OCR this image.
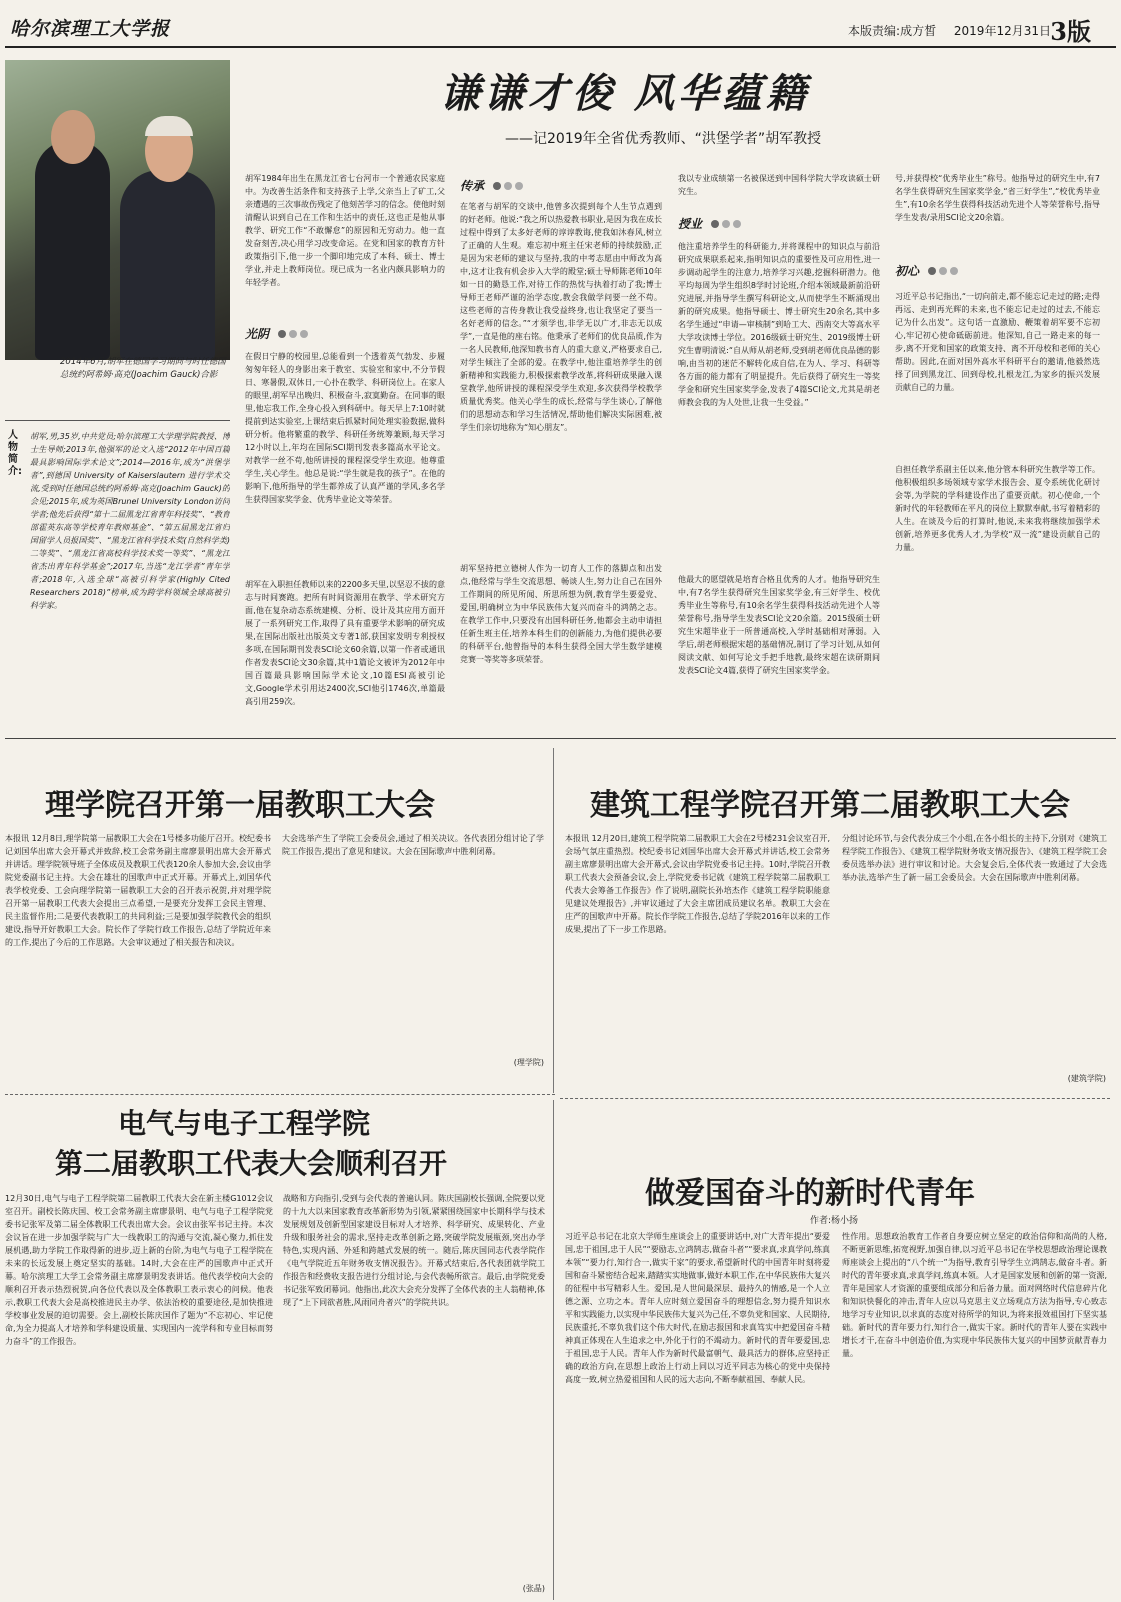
哈尔滨理工大学报	本版责编:成方皙 2019年12月31日 3版
2014年6月,胡军在德国学习期间与时任德国总统约阿希姆·高克(Joachim Gauck)合影
人物简介:
胡军,男,35岁,中共党员;哈尔滨理工大学理学院教授、博士生导师;2013年,他强军的论文入选“2012年中国百篇最具影响国际学术论文”;2014—2016年,成为“洪堡学者”,到德国 University of Kaiserslautern 进行学术交流,受到时任德国总统约阿希姆·高克(Joachim Gauck)的会见;2015年,成为英国Brunel University London访问学者;他先后获得“第十二届黑龙江省青年科技奖”、“教育部霍英东高等学校青年教师基金”、“第五届黑龙江省归国留学人员报国奖”、“黑龙江省科学技术奖(自然科学类)二等奖”、“黑龙江省高校科学技术奖一等奖”、“黑龙江省杰出青年科学基金”;2017年,当选“龙江学者”青年学者;2018年,入选全球“高被引科学家(Highly Cited Researchers 2018)”榜单,成为跨学科领域全球高被引科学家。
谦谦才俊 风华蕴籍
——记2019年全省优秀教师、“洪堡学者”胡军教授
胡军1984年出生在黑龙江省七台河市一个普通农民家庭中。为改善生活条件和支持孩子上学,父亲当上了矿工,父亲遭遇的三次事故伤残定了他刻苦学习的信念。使他时刻清醒认识到自己在工作和生活中的责任,这也正是他从事教学、研究工作“不敢懈怠”的原因和无穷动力。他一直发奋刻苦,决心用学习改变命运。在党和国家的教育方针政策指引下,他一步一个脚印地完成了本科、硕士、博士学业,并走上教师岗位。现已成为一名业内颇具影响力的年轻学者。
光阴
在假日宁静的校园里,总能看到一个透着英气勃发、步履匆匆年轻人的身影出来于教室、实验室和家中,不分节假日、寒暑假,双休日,一心扑在教学、科研岗位上。在家人的眼里,胡军早出晚归、积极奋斗,寂寞勤奋。在同事的眼里,他忘我工作,全身心投入到科研中。每天早上7:10时就提前到达实验室,上课结束后抓紧时间处理实验数据,做科研分析。他将繁重的教学、科研任务统筹兼顾,每天学习12小时以上,年均在国际SCI期刊发表多篇高水平论文。对教学一丝不苟,他所讲授的课程深受学生欢迎。他尊重学生,关心学生。他总是说:“学生就是我的孩子”。在他的影响下,他所指导的学生都养成了认真严谨的学风,多名学生获得国家奖学金、优秀毕业论文等荣誉。
胡军在入职担任教师以来的2200多天里,以坚忍不拔的意志与时间赛跑。把所有时间资源用在教学、学术研究方面,他在复杂动态系统建模、分析、设计及其应用方面开展了一系列研究工作,取得了具有重要学术影响的研究成果,在国际出版社出版英文专著1部,获国家发明专利授权多项,在国际期刊发表SCI论文60余篇,以第一作者或通讯作者发表SCI论文30余篇,其中1篇论文被评为2012年中国百篇最具影响国际学术论文,10篇ESI高被引论文,Google学术引用达2400次,SCI他引1746次,单篇最高引用259次。
传承
在笔者与胡军的交谈中,他曾多次提到每个人生节点遇到的好老师。他说:“我之所以热爱教书职业,是因为我在成长过程中得到了太多好老师的谆谆教诲,使我如沐春风,树立了正确的人生观。难忘初中班主任宋老师的持续鼓励,正是因为宋老师的建议与坚持,我的中考志愿由中师改为高中,这才让我有机会步入大学的殿堂;硕士导师陈老师10年如一日的勤恳工作,对待工作的热忱与执着打动了我;博士导师王老师严谨的治学态度,教会我做学问要一丝不苟。这些老师的言传身教让我受益终身,也让我坚定了要当一名好老师的信念。”“才须学也,非学无以广才,非志无以成学”,一直是他的座右铭。他秉承了老师们的优良品质,作为一名人民教师,他深知教书育人的重大意义,严格要求自己,对学生倾注了全部的爱。在教学中,他注重培养学生的创新精神和实践能力,积极探索教学改革,将科研成果融入课堂教学,他所讲授的课程深受学生欢迎,多次获得学校教学质量优秀奖。他关心学生的成长,经常与学生谈心,了解他们的思想动态和学习生活情况,帮助他们解决实际困难,被学生们亲切地称为“知心朋友”。
胡军坚持把立德树人作为一切育人工作的落脚点和出发点,他经常与学生交流思想、畅谈人生,努力让自己在国外工作期间的所见所闻、所思所想为例,教育学生要爱党、爱国,明确树立为中华民族伟大复兴而奋斗的鸿鹄之志。在教学工作中,只要没有出国科研任务,他都会主动申请担任新生班主任,培养本科生们的创新能力,为他们提供必要的科研平台,他曾指导的本科生获得全国大学生数学建模竞赛一等奖等多项荣誉。
我以专业成绩第一名被保送到中国科学院大学攻读硕士研究生。
授业
他注重培养学生的科研能力,并将课程中的知识点与前沿研究成果联系起来,指明知识点的重要性及可应用性,进一步调动起学生的注意力,培养学习兴趣,挖掘科研潜力。他平均每周为学生组织8学时讨论班,介绍本领域最新前沿研究进展,并指导学生撰写科研论文,从而使学生不断涌现出新的研究成果。他指导硕士、博士研究生20余名,其中多名学生通过“申请—审核制”到哈工大、西南交大等高水平大学攻读博士学位。2016级硕士研究生、2019级博士研究生曹明清说:“自从师从胡老师,受到胡老师优良品德的影响,由当初的迷茫不解转化成自信,在为人、学习、科研等各方面的能力都有了明显提升。先后获得了研究生一等奖学金和研究生国家奖学金,发表了4篇SCI论文,尤其是胡老师教会我的为人处世,让我一生受益。”
他最大的愿望就是培育合格且优秀的人才。他指导研究生中,有7名学生获得研究生国家奖学金,有三好学生、校优秀毕业生等称号,有10余名学生获得科技活动先进个人等荣誉称号,指导学生发表SCI论文20余篇。2015级硕士研究生宋超毕业于一所普通高校,入学时基础相对薄弱。入学后,胡老师根据宋超的基础情况,制订了学习计划,从如何阅读文献、如何写论文手把手地教,最终宋超在读研期间发表SCI论文4篇,获得了研究生国家奖学金。
号,并获得校“优秀毕业生”称号。他指导过的研究生中,有7名学生获得研究生国家奖学金,“省三好学生”,“校优秀毕业生”,有10余名学生获得科技活动先进个人等荣誉称号,指导学生发表/录用SCI论文20余篇。
初心
习近平总书记指出,“一切向前走,都不能忘记走过的路;走得再远、走到再光辉的未来,也不能忘记走过的过去,不能忘记为什么出发”。这句话一直激励、鞭策着胡军要不忘初心,牢记初心使命砥砺前进。他深知,自己一路走来的每一步,离不开党和国家的政策支持、离不开母校和老师的关心帮助。因此,在面对国外高水平科研平台的邀请,他毅然选择了回到黑龙江、回到母校,扎根龙江,为家乡的振兴发展贡献自己的力量。
自担任教学系副主任以来,他分管本科研究生教学等工作。他积极组织多场领域专家学术报告会、夏令系统优化研讨会等,为学院的学科建设作出了重要贡献。初心使命,一个新时代的年轻教师在平凡的岗位上默默奉献,书写着精彩的人生。在谈及今后的打算时,他说,未来我将继续加强学术创新,培养更多优秀人才,为学校“双一流”建设贡献自己的力量。
理学院召开第一届教职工大会
本报讯 12月8日,理学院第一届教职工大会在1号楼多功能厅召开。校纪委书记刘国华出席大会开幕式并致辞,校工会常务副主席廖景明出席大会开幕式并讲话。理学院领导班子全体成员及教职工代表120余人参加大会,会议由学院党委副书记主持。大会在雄壮的国歌声中正式开幕。开幕式上,刘国华代表学校党委、工会向理学院第一届教职工大会的召开表示祝贺,并对理学院召开第一届教职工代表大会提出三点希望,一是要充分发挥工会民主管理、民主监督作用;二是要代表教职工的共同利益;三是要加强学院教代会的组织建设,指导开好教职工大会。院长作了学院行政工作报告,总结了学院近年来的工作,提出了今后的工作思路。大会审议通过了相关报告和决议。
大会选举产生了学院工会委员会,通过了相关决议。各代表团分组讨论了学院工作报告,提出了意见和建议。大会在国际歌声中胜利闭幕。
(理学院)
建筑工程学院召开第二届教职工大会
本报讯 12月20日,建筑工程学院第二届教职工大会在2号楼231会议室召开,会场气氛庄重热烈。校纪委书记刘国华出席大会开幕式并讲话,校工会常务副主席廖景明出席大会开幕式,会议由学院党委书记主持。10时,学院召开教职工代表大会预备会议,会上,学院党委书记就《建筑工程学院第二届教职工代表大会筹备工作报告》作了说明,副院长孙培杰作《建筑工程学院职能意见建议处理报告》,并审议通过了大会主席团成员建议名单。教职工大会在庄严的国歌声中开幕。院长作学院工作报告,总结了学院2016年以来的工作成果,提出了下一步工作思路。
分组讨论环节,与会代表分成三个小组,在各小组长的主持下,分别对《建筑工程学院工作报告》、《建筑工程学院财务收支情况报告》、《建筑工程学院工会委员选举办法》进行审议和讨论。大会复会后,全体代表一致通过了大会选举办法,选举产生了新一届工会委员会。大会在国际歌声中胜利闭幕。
(建筑学院)
电气与电子工程学院
第二届教职工代表大会顺利召开
12月30日,电气与电子工程学院第二届教职工代表大会在新主楼G1012会议室召开。副校长陈庆国、校工会常务副主席廖景明、电气与电子工程学院党委书记张军及第二届全体教职工代表出席大会。会议由张军书记主持。本次会议旨在进一步加强学院与广大一线教职工的沟通与交流,凝心聚力,抓住发展机遇,助力学院工作取得新的进步,迈上新的台阶,为电气与电子工程学院在未来的长远发展上奠定坚实的基础。14时,大会在庄严的国歌声中正式开幕。哈尔滨理工大学工会常务副主席廖景明发表讲话。他代表学校向大会的顺利召开表示热烈祝贺,向各位代表以及全体教职工表示衷心的问候。他表示,教职工代表大会是高校推进民主办学、依法治校的重要途径,是加快推进学校事业发展的迫切需要。会上,副校长陈庆国作了题为“不忘初心、牢记使命,为全力提高人才培养和学科建设质量、实现国内一流学科和专业目标而努力奋斗”的工作报告。
战略和方向指引,受到与会代表的普遍认同。陈庆国副校长强调,全院要以党的十九大以来国家教育改革新形势为引领,紧紧围绕国家中长期科学与技术发展规划及创新型国家建设目标对人才培养、科学研究、成果转化、产业升级和服务社会的需求,坚持走改革创新之路,突破学院发展瓶颈,突出办学特色,实现内涵、外延和跨越式发展的统一。随后,陈庆国同志代表学院作《电气学院近五年财务收支情况报告》。开幕式结束后,各代表团就学院工作报告和经费收支报告进行分组讨论,与会代表畅所欲言。最后,由学院党委书记张军致闭幕词。他指出,此次大会充分发挥了全体代表的主人翁精神,体现了“上下同欲者胜,风雨同舟者兴”的学院共识。
(张晶)
做爱国奋斗的新时代青年
作者:杨小扬
习近平总书记在北京大学师生座谈会上的重要讲话中,对广大青年提出“要爱国,忠于祖国,忠于人民”“要励志,立鸿鹄志,做奋斗者”“要求真,求真学问,练真本领”“要力行,知行合一,做实干家”的要求,希望新时代的中国青年时刻将爱国和奋斗紧密结合起来,踏踏实实地做事,做好本职工作,在中华民族伟大复兴的征程中书写精彩人生。爱国,是人世间最深层、最持久的情感,是一个人立德之源、立功之本。青年人应时刻立爱国奋斗的理想信念,努力提升知识水平和实践能力,以实现中华民族伟大复兴为己任,不辜负党和国家、人民期待,民族重托,不辜负我们这个伟大时代,在励志报国和求真笃实中把爱国奋斗精神真正体现在人生追求之中,外化于行的不竭动力。新时代的青年要爱国,忠于祖国,忠于人民。青年人作为新时代最富朝气、最具活力的群体,应坚持正确的政治方向,在思想上政治上行动上同以习近平同志为核心的党中央保持高度一致,树立热爱祖国和人民的远大志向,不断奉献祖国、奉献人民。
性作用。思想政治教育工作者自身要应树立坚定的政治信仰和高尚的人格,不断更新思维,拓宽视野,加强自律,以习近平总书记在学校思想政治理论课教师座谈会上提出的“八个统一”为指导,教育引导学生立鸿鹄志,做奋斗者。新时代的青年要求真,求真学问,练真本领。人才是国家发展和创新的第一资源,青年是国家人才资源的重要组成部分和后备力量。面对网络时代信息碎片化和知识快餐化的冲击,青年人应以马克思主义立场观点方法为指导,专心致志地学习专业知识,以求真的态度对待所学的知识,为将来报效祖国打下坚实基础。新时代的青年要力行,知行合一,做实干家。新时代的青年人要在实践中增长才干,在奋斗中创造价值,为实现中华民族伟大复兴的中国梦贡献青春力量。
